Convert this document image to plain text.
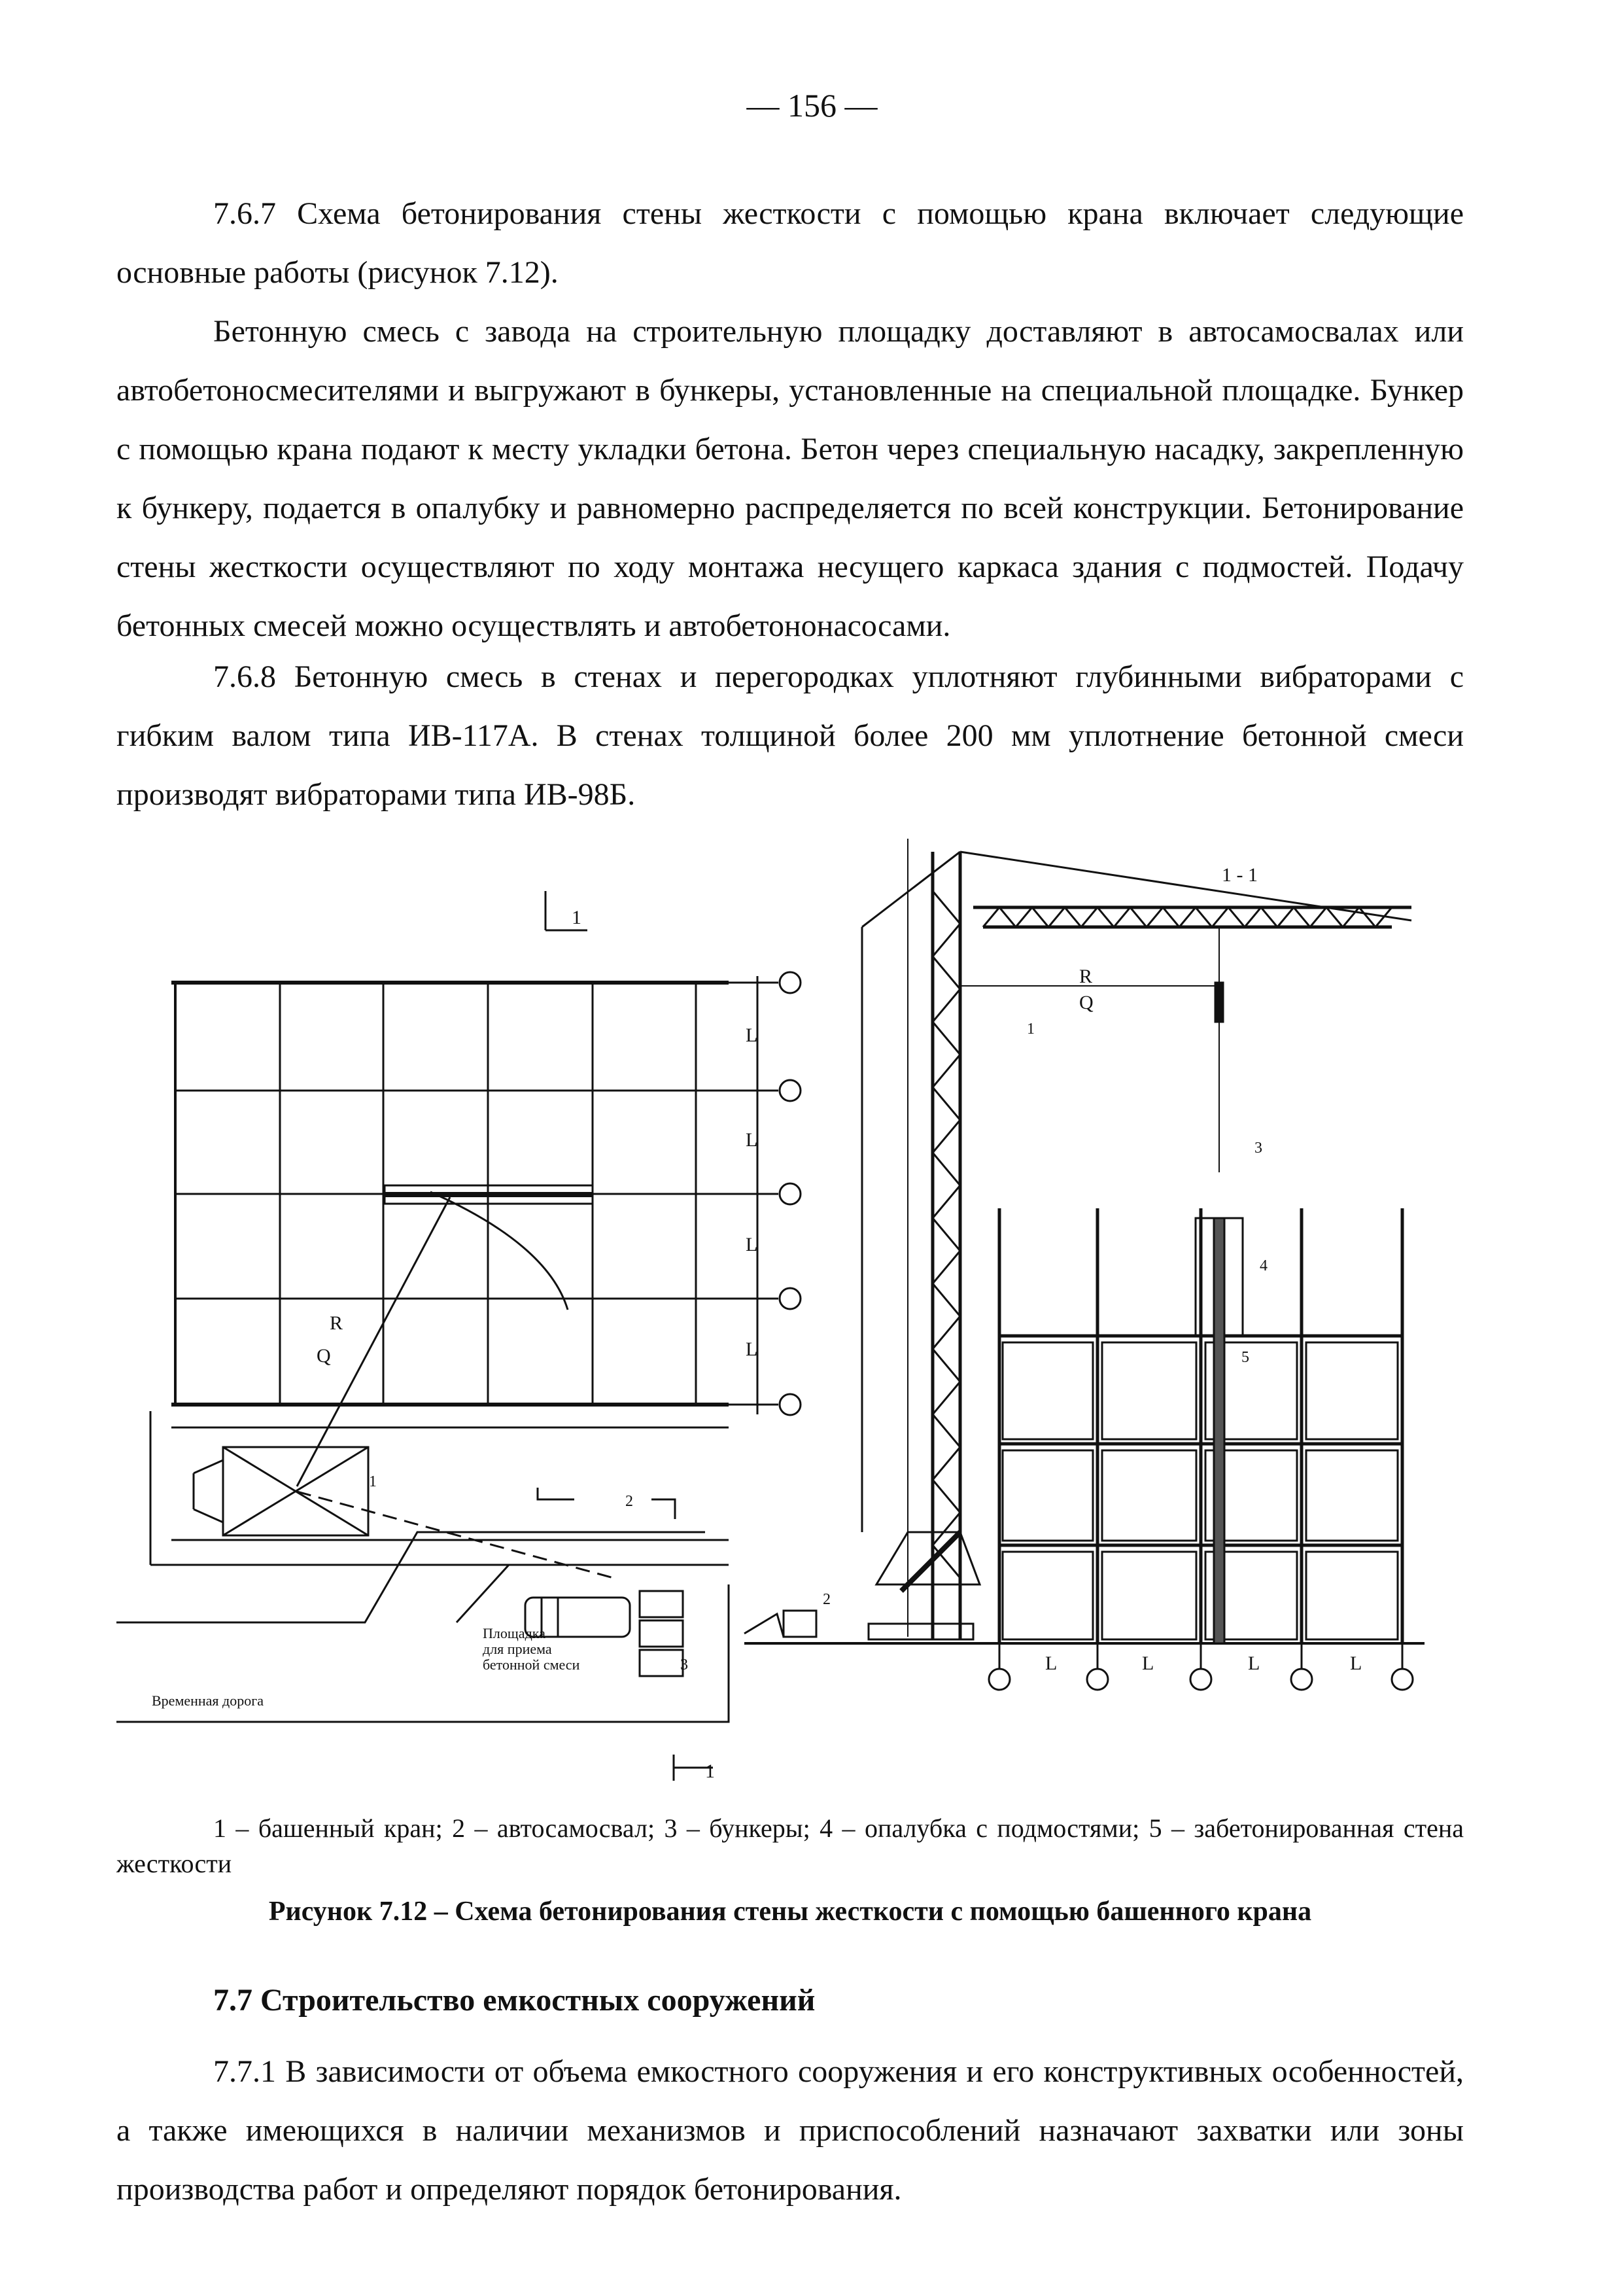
— 156 —

7.6.7 Схема бетонирования стены жесткости с помощью крана включает следующие основные работы (рисунок 7.12).

Бетонную смесь с завода на строительную площадку доставляют в автосамосвалах или автобетоносмесителями и выгружают в бункеры, установленные на специальной площадке. Бункер с помощью крана подают к месту укладки бетона. Бетон через специальную насадку, закрепленную к бункеру, подается в опалубку и равномерно распределяется по всей конструкции. Бетонирование стены жесткости осуществляют по ходу монтажа несущего каркаса здания с подмостей. Подачу бетонных смесей можно осуществлять и автобетононасосами.

7.6.8 Бетонную смесь в стенах и перегородках уплотняют глубинными вибраторами с гибким валом типа ИВ-117А. В стенах толщиной более 200 мм уплотнение бетонной смеси производят вибраторами типа ИВ-98Б.

1
1
1 - 1
L
L
L
L
L	L	L	L
R
Q
R
Q
1
2
3
1
2
3
4
5
Площадка
для приема
бетонной смеси
Временная дорога

1 – башенный кран; 2 – автосамосвал; 3 – бункеры; 4 – опалубка с подмостями; 5 – забетонированная стена жесткости

Рисунок 7.12 – Схема бетонирования стены жесткости с помощью башенного крана

7.7 Строительство емкостных сооружений

7.7.1 В зависимости от объема емкостного сооружения и его конструктивных особенностей, а также имеющихся в наличии механизмов и приспособлений назначают захватки или зоны производства работ и определяют порядок бетонирования.
